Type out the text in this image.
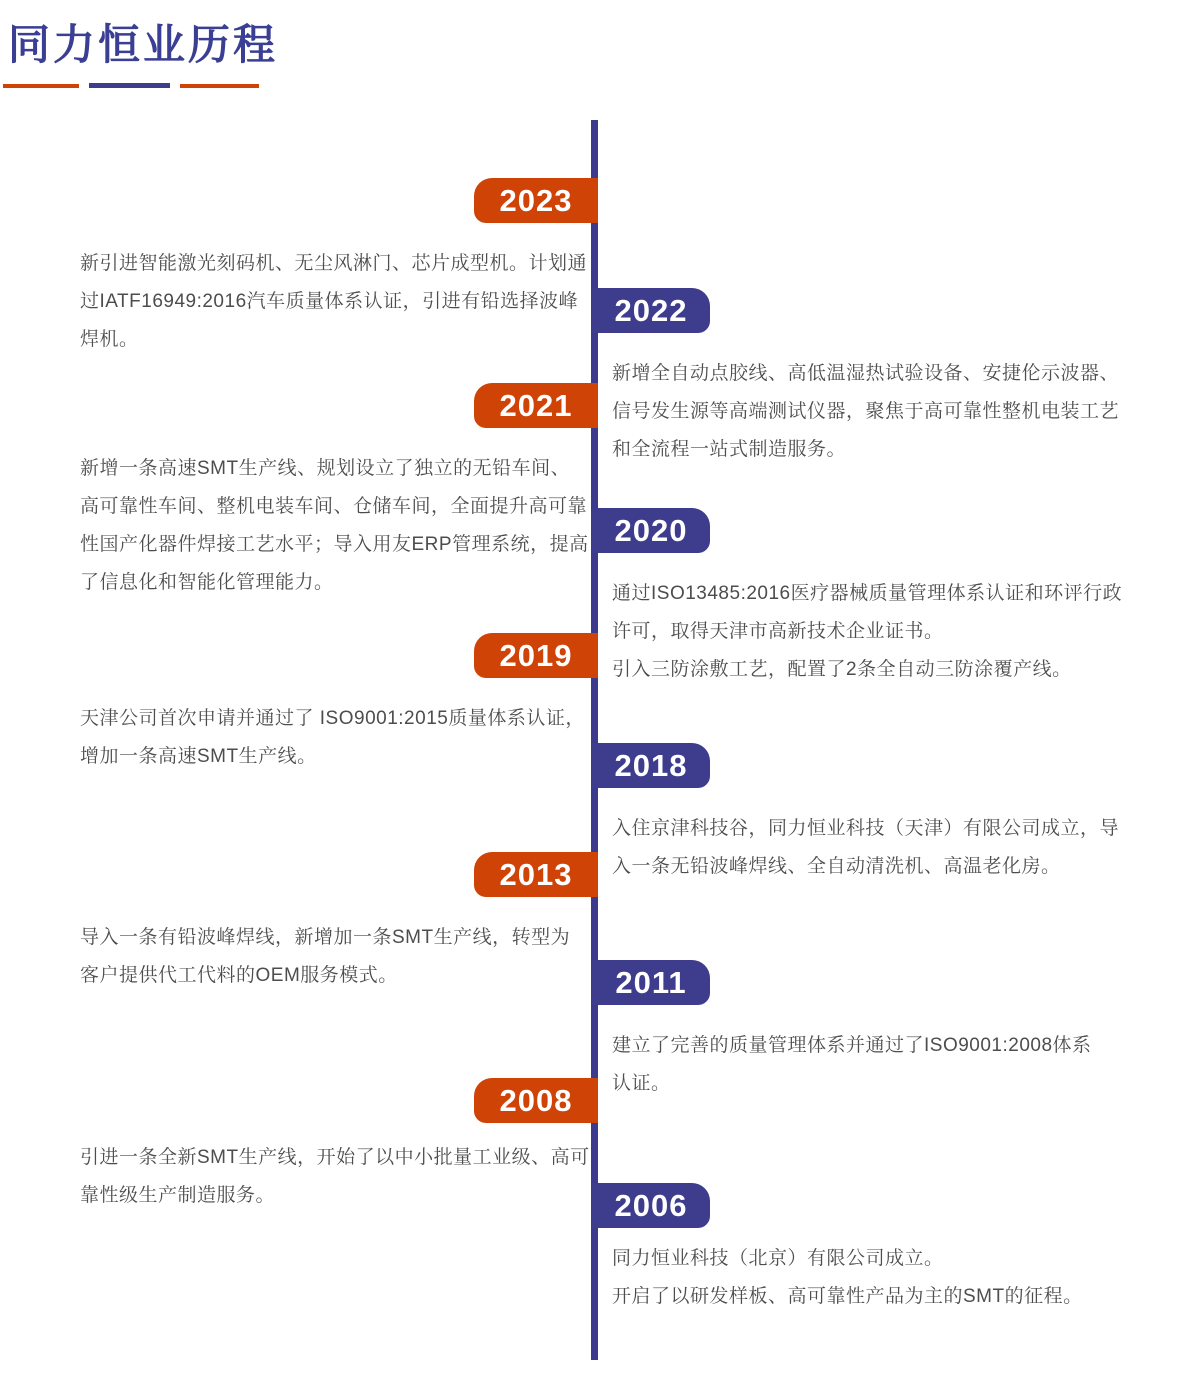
同力恒业历程
2023
新引进智能激光刻码机、无尘风淋门、芯片成型机。计划通
过IATF16949:2016汽车质量体系认证，引进有铅选择波峰
焊机。
2022
新增全自动点胶线、高低温湿热试验设备、安捷伦示波器、
信号发生源等高端测试仪器，聚焦于高可靠性整机电装工艺
和全流程一站式制造服务。
2021
新增一条高速SMT生产线、规划设立了独立的无铅车间、
高可靠性车间、整机电装车间、仓储车间，全面提升高可靠
性国产化器件焊接工艺水平；导入用友ERP管理系统，提高
了信息化和智能化管理能力。
2020
通过ISO13485:2016医疗器械质量管理体系认证和环评行政
许可，取得天津市高新技术企业证书。
引入三防涂敷工艺，配置了2条全自动三防涂覆产线。
2019
天津公司首次申请并通过了 ISO9001:2015质量体系认证，
增加一条高速SMT生产线。	2018
入住京津科技谷，同力恒业科技（天津）有限公司成立，导
入一条无铅波峰焊线、全自动清洗机、高温老化房。
2013
导入一条有铅波峰焊线，新增加一条SMT生产线，转型为
客户提供代工代料的OEM服务模式。	2011
建立了完善的质量管理体系并通过了ISO9001:2008体系
认证。
2008
引进一条全新SMT生产线，开始了以中小批量工业级、高可
靠性级生产制造服务。	2006
同力恒业科技（北京）有限公司成立。
开启了以研发样板、高可靠性产品为主的SMT的征程。
